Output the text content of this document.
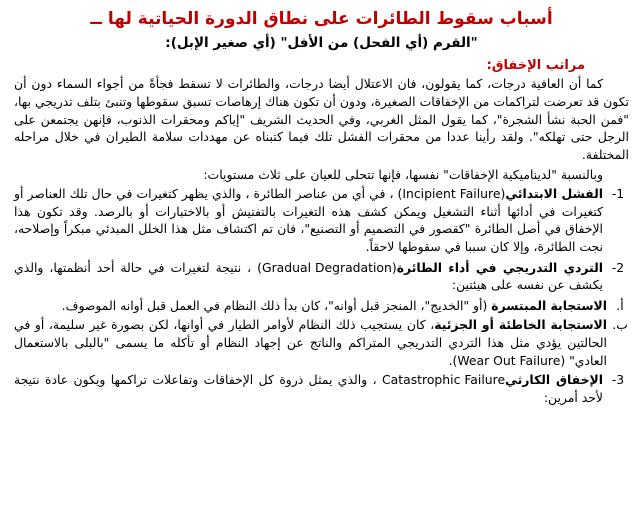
أسباب سقوط الطائرات على نطاق الدورة الحياتية لها ــ
"القرم (أي الفحل) من الأفل" (أي صغير الإبل):
مراتب الإخفاق:

كما أن العافية درجات، كما يقولون، فان الاعتلال أيضا درجات، والطائرات لا تسقط فجأةً من أجواء السماء دون أن تكون قد تعرضت لتراكمات من الإخفاقات الصغيرة، ودون أن تكون هناك إرهاصات تسبق سقوطها وتنبئ بتلف تدريجي بها، "فمن الحبة نشأ الشجرة"، كما يقول المثل الغربي، وفي الحديث الشريف "إياكم ومحقرات الذنوب، فإنهن يجتمعن على الرجل حتى تهلكه". ولقد رأينا عددا من محقرات الفشل تلك فيما كتبناه عن مهددات سلامة الطيران في خلال مراحله المختلفة.

وبالنسبة "لديناميكية الإخفاقات" نفسها، فإنها تتحلى للعيان على ثلاث مستويات:

1-
الفشل الابتدائي(Incipient Failure) ، في أي من عناصر الطائرة ، والذي يظهر كتغيرات في حال تلك العناصر أو كتغيرات في أدائها أثناء التشغيل ويمكن كشف هذه التغيرات بالتفتيش أو بالاختبارات أو بالرصد. وقد تكون هذا الإخفاق في أصل الطائرة "كقصور في التصميم أو التصنيع"، فان تم اكتشاف مثل هذا الخلل المبدئي مبكراً وإصلاحه، نجت الطائرة، وإلا كان سببا في سقوطها لاحقاً.
2-
التردي التدريجي في أداء الطائرة(Gradual Degradation) ، نتيجة لتغيرات في حالة أحد أنظمتها، والذي يكشف عن نفسه على هيئتين:
أ.
الاستجابة المبتسرة (أو "الخديج"، المنجز قبل أوانه"، كان بدأ ذلك النظام في العمل قبل أوانه الموصوف.
ب.
الاستجابة الخاطئة أو الجزئية، كان يستجيب ذلك النظام لأوامر الطيار في أوانها، لكن بصورة غير سليمة، أو في الحالتين يؤدي مثل هذا التردي التدريجي المتراكم والناتج عن إجهاد النظام أو تأكله ما يسمى "بالبلى بالاستعمال العادي" (Wear Out Failure).
3-
الإخفاق الكارثيCatastrophic Failure ، والذي يمثل ذروة كل الإخفاقات وتفاعلات تراكمها ويكون عادة نتيجة لأحد أمرين:
